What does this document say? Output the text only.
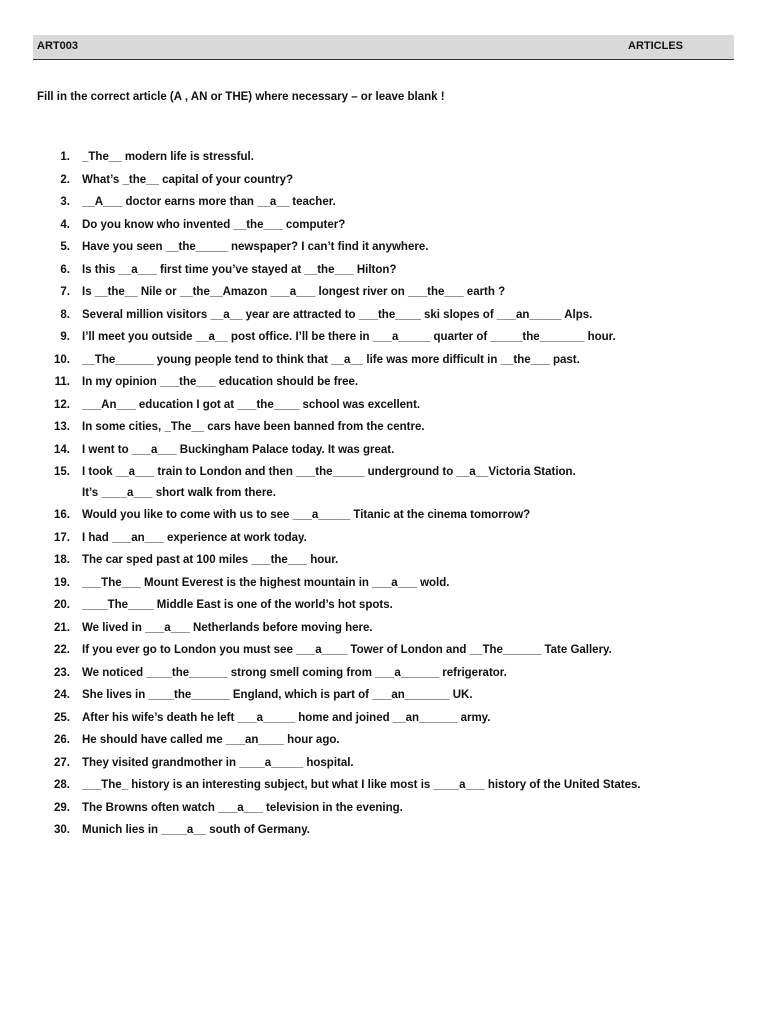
ART003	ARTICLES
Fill in the correct article (A , AN or THE) where necessary – or leave blank !
1. _The__ modern life is stressful.
2. What’s _the__ capital of your country?
3. __A___ doctor earns more than __a__ teacher.
4. Do you know who invented __the___ computer?
5. Have you seen __the_____ newspaper? I can’t find it anywhere.
6. Is this __a___ first time you’ve stayed at __the___ Hilton?
7. Is __the__ Nile or __the__Amazon ___a___ longest river on ___the___ earth ?
8. Several million visitors __a__ year are attracted to ___the____ ski slopes of ___an_____ Alps.
9. I’ll meet you outside __a__ post office. I’ll be there in ___a_____ quarter of _____the_______ hour.
10. __The______ young people tend to think that __a__ life was more difficult in __the___ past.
11. In my opinion ___the___ education should be free.
12. ___An___ education I got at ___the____ school was excellent.
13. In some cities, _The__ cars have been banned from the centre.
14. I went to ___a___ Buckingham Palace today. It was great.
15. I took __a___ train to London and then ___the_____ underground to __a__Victoria Station.
It’s ____a___ short walk from there.
16. Would you like to come with us to see ___a_____ Titanic at the cinema tomorrow?
17. I had ___an___ experience at work today.
18. The car sped past at 100 miles ___the___ hour.
19. ___The___ Mount Everest is the highest mountain in ___a___ wold.
20. ____The____ Middle East is one of the world’s hot spots.
21. We lived in ___a___ Netherlands before moving here.
22. If you ever go to London you must see ___a____ Tower of London and __The______ Tate Gallery.
23. We noticed ____the______ strong smell coming from ___a______ refrigerator.
24. She lives in ____the______ England, which is part of ___an_______ UK.
25. After his wife’s death he left ___a_____ home and joined __an______ army.
26. He should have called me ___an____ hour ago.
27. They visited grandmother in ____a_____ hospital.
28. ___The_ history is an interesting subject, but what I like most is ____a___ history of the United States.
29. The Browns often watch ___a___ television in the evening.
30. Munich lies in ____a__ south of Germany.
